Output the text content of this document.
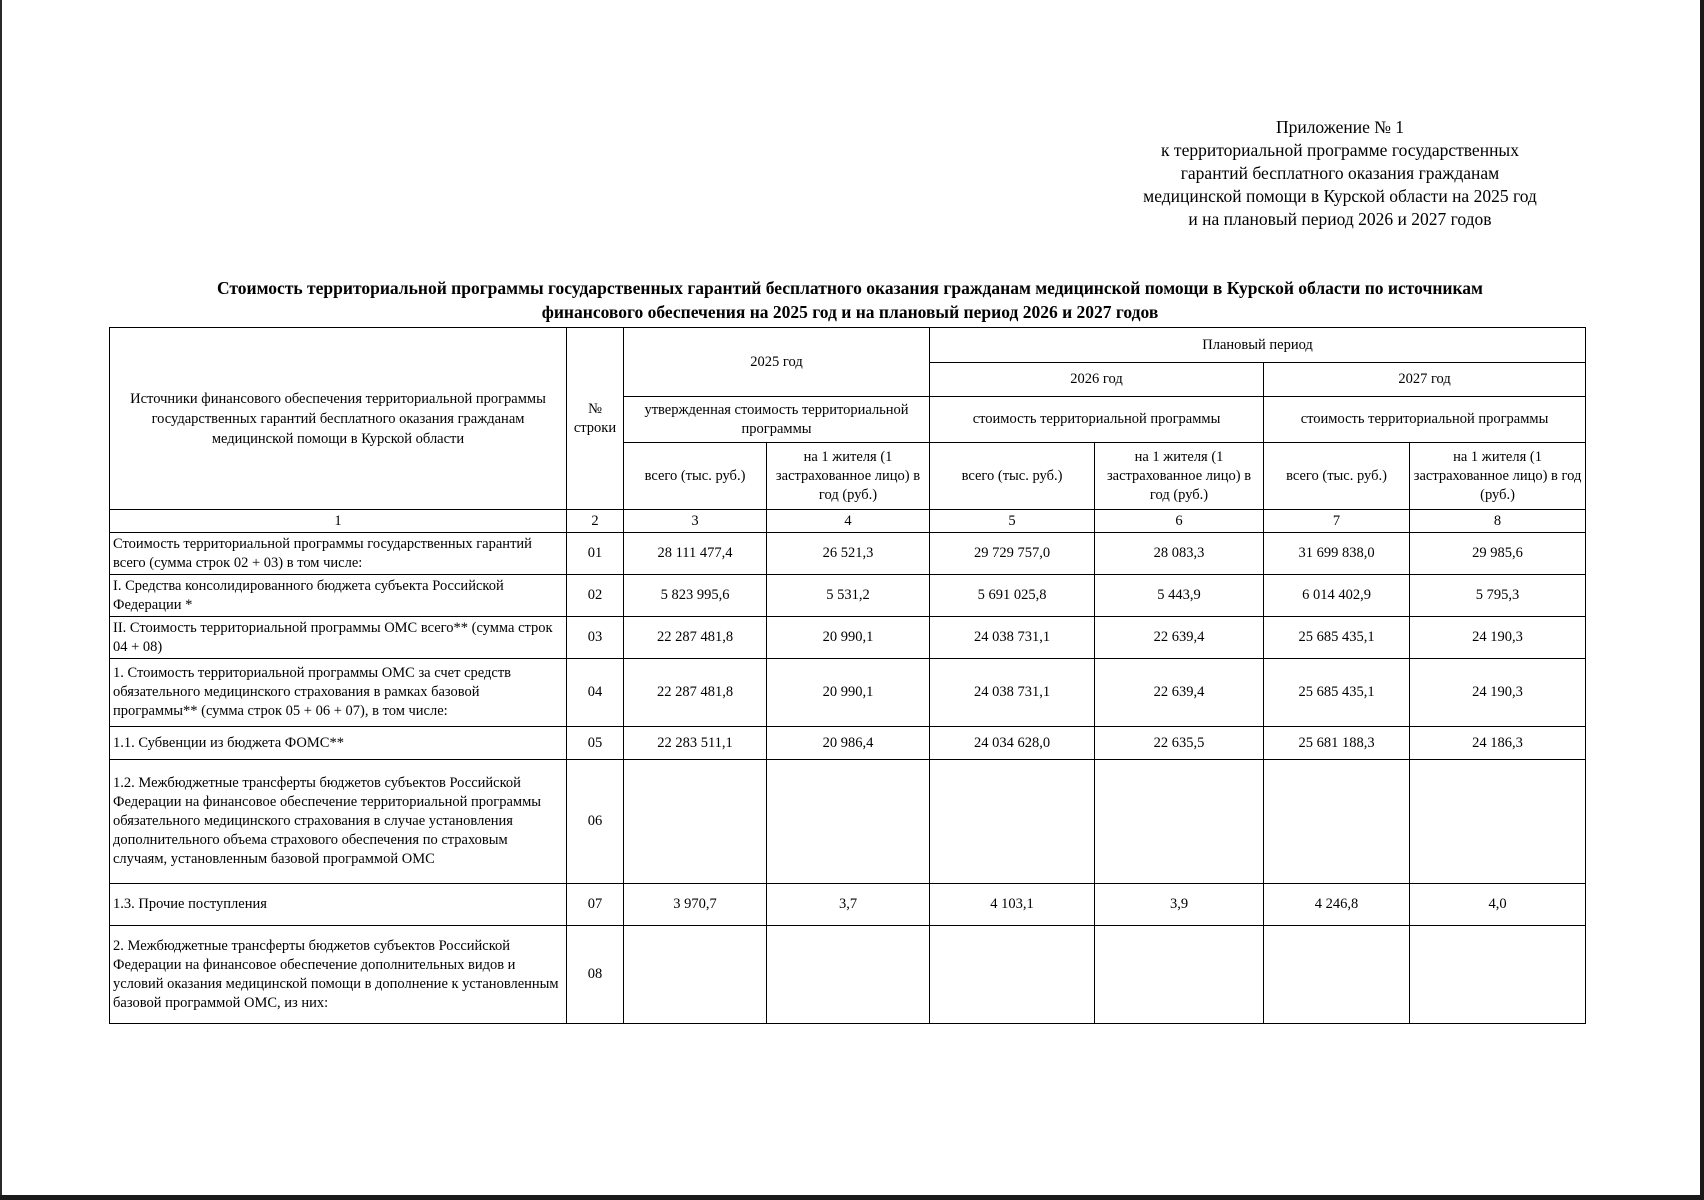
Приложение № 1
к территориальной программе государственных
гарантий бесплатного оказания гражданам
медицинской помощи в Курской области на 2025 год
и на плановый период 2026 и 2027 годов
Стоимость территориальной программы государственных гарантий бесплатного оказания гражданам медицинской помощи в Курской области по источникам
финансового обеспечения на 2025 год и на плановый период 2026 и 2027 годов
Источники финансового обеспечения территориальной программы государственных гарантий бесплатного оказания гражданам медицинской помощи в Курской области	№ строки	2025 год		Плановый период			
				2026 год		2027 год	
		утвержденная стоимость территориальной программы		стоимость территориальной программы		стоимость территориальной программы	
		всего (тыс. руб.)	на 1 жителя (1 застрахованное лицо) в год (руб.)	всего (тыс. руб.)	на 1 жителя (1 застрахованное лицо) в год (руб.)	всего (тыс. руб.)	на 1 жителя (1 застрахованное лицо) в год (руб.)
1	2	3	4	5	6	7	8
Стоимость территориальной программы государственных гарантий всего (сумма строк 02 + 03) в том числе:	01	28 111 477,4	26 521,3	29 729 757,0	28 083,3	31 699 838,0	29 985,6
I. Средства консолидированного бюджета субъекта Российской Федерации *	02	5 823 995,6	5 531,2	5 691 025,8	5 443,9	6 014 402,9	5 795,3
II. Стоимость территориальной программы ОМС всего** (сумма строк 04 + 08)	03	22 287 481,8	20 990,1	24 038 731,1	22 639,4	25 685 435,1	24 190,3
1. Стоимость территориальной программы ОМС за счет средств обязательного медицинского страхования в рамках базовой программы** (сумма строк 05 + 06 + 07), в том числе:	04	22 287 481,8	20 990,1	24 038 731,1	22 639,4	25 685 435,1	24 190,3
1.1. Субвенции из бюджета ФОМС**	05	22 283 511,1	20 986,4	24 034 628,0	22 635,5	25 681 188,3	24 186,3
1.2. Межбюджетные трансферты бюджетов субъектов Российской Федерации на финансовое обеспечение территориальной программы обязательного медицинского страхования в случае установления дополнительного объема страхового обеспечения по страховым случаям, установленным базовой программой ОМС	06						
1.3. Прочие поступления	07	3 970,7	3,7	4 103,1	3,9	4 246,8	4,0
2. Межбюджетные трансферты бюджетов субъектов Российской Федерации на финансовое обеспечение дополнительных видов и условий оказания медицинской помощи в дополнение к установленным базовой программой ОМС, из них:	08						
